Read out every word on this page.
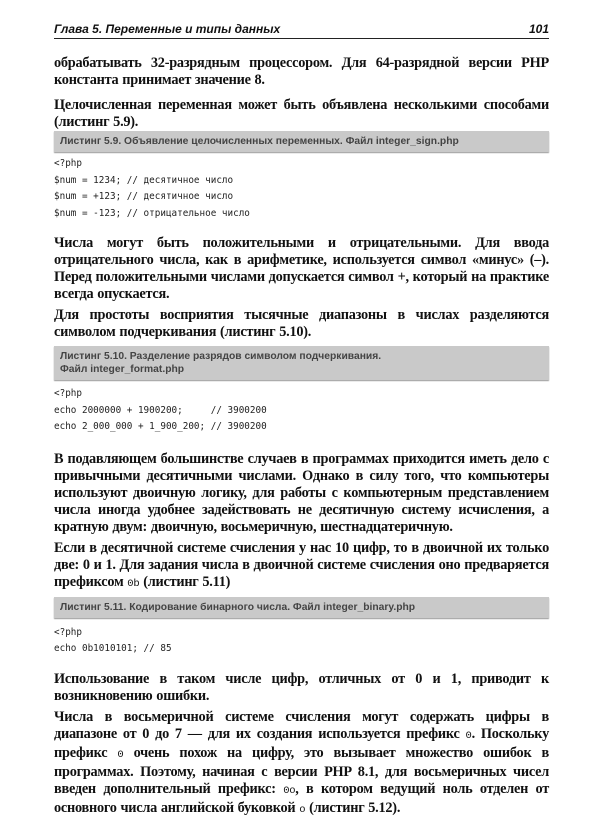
Глава 5. Переменные и типы данных	101
обрабатывать 32-разрядным процессором. Для 64-разрядной версии PHP константа принимает значение 8.
Целочисленная переменная может быть объявлена несколькими способами (листинг 5.9).
Листинг 5.9. Объявление целочисленных переменных. Файл integer_sign.php
<?php
$num = 1234; // десятичное число
$num = +123; // десятичное число
$num = -123; // отрицательное число
Числа могут быть положительными и отрицательными. Для ввода отрицательного числа, как в арифметике, используется символ «минус» (–). Перед положительными числами допускается символ +, который на практике всегда опускается.
Для простоты восприятия тысячные диапазоны в числах разделяются символом подчеркивания (листинг 5.10).
Листинг 5.10. Разделение разрядов символом подчеркивания.
Файл integer_format.php
<?php
echo 2000000 + 1900200;     // 3900200
echo 2_000_000 + 1_900_200; // 3900200
В подавляющем большинстве случаев в программах приходится иметь дело с привычными десятичными числами. Однако в силу того, что компьютеры используют двоичную логику, для работы с компьютерным представлением числа иногда удобнее задействовать не десятичную систему исчисления, а кратную двум: двоичную, восьмеричную, шестнадцатеричную.
Если в десятичной системе счисления у нас 10 цифр, то в двоичной их только две: 0 и 1. Для задания числа в двоичной системе счисления оно предваряется префиксом 0b (листинг 5.11)
Листинг 5.11. Кодирование бинарного числа. Файл integer_binary.php
<?php
echo 0b1010101; // 85
Использование в таком числе цифр, отличных от 0 и 1, приводит к возникновению ошибки.
Числа в восьмеричной системе счисления могут содержать цифры в диапазоне от 0 до 7 — для их создания используется префикс 0. Поскольку префикс 0 очень похож на цифру, это вызывает множество ошибок в программах. Поэтому, начиная с версии PHP 8.1, для восьмеричных чисел введен дополнительный префикс: 0o, в котором ведущий ноль отделен от основного числа английской буковкой o (листинг 5.12).
